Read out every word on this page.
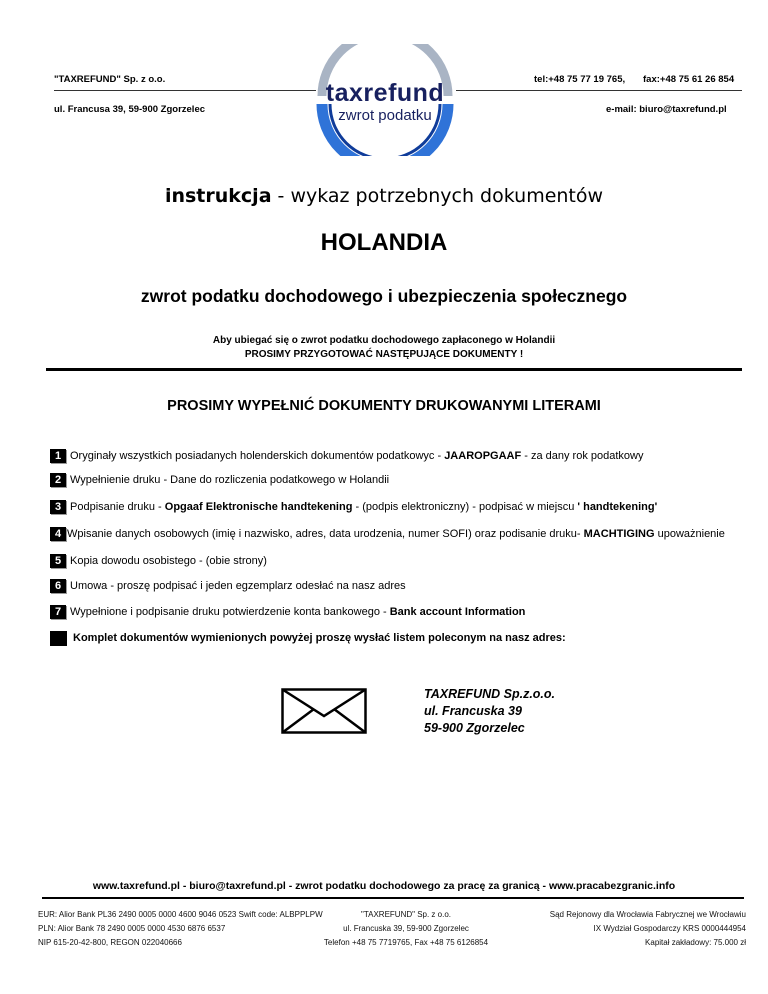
"TAXREFUND" Sp. z o.o.
ul. Francusa 39, 59-900 Zgorzelec
tel:+48 75 77 19 765, fax:+48 75 61 26 854
e-mail: biuro@taxrefund.pl
taxrefund
zwrot podatku
instrukcja - wykaz potrzebnych dokumentów
HOLANDIA
zwrot podatku dochodowego i ubezpieczenia społecznego
Aby ubiegać się o zwrot podatku dochodowego zapłaconego w Holandii
PROSIMY PRZYGOTOWAĆ NASTĘPUJĄCE DOKUMENTY !
PROSIMY WYPEŁNIĆ DOKUMENTY DRUKOWANYMI LITERAMI
1 Oryginały wszystkich posiadanych holenderskich dokumentów podatkowyc - JAAROPGAAF - za dany rok podatkowy
2 Wypełnienie druku - Dane do rozliczenia podatkowego w Holandii
3 Podpisanie druku - Opgaaf Elektronische handtekening - (podpis elektroniczny) - podpisać w miejscu ' handtekening'
4 Wpisanie danych osobowych (imię i nazwisko, adres, data urodzenia, numer SOFI) oraz podisanie druku- MACHTIGING upoważnienie
5 Kopia dowodu osobistego - (obie strony)
6 Umowa - proszę podpisać i jeden egzemplarz odesłać na nasz adres
7 Wypełnione i podpisanie druku potwierdzenie konta bankowego - Bank account Information
Komplet dokumentów wymienionych powyżej proszę wysłać listem poleconym na nasz adres:
TAXREFUND Sp.z.o.o.
ul. Francuska 39
59-900 Zgorzelec
www.taxrefund.pl - biuro@taxrefund.pl - zwrot podatku dochodowego za pracę za granicą - www.pracabezgranic.info
EUR: Alior Bank PL36 2490 0005 0000 4600 9046 0523 Swift code: ALBPPLPW
PLN: Alior Bank 78 2490 0005 0000 4530 6876 6537
NIP 615-20-42-800, REGON 022040666
"TAXREFUND" Sp. z o.o.
ul. Francuska 39, 59-900 Zgorzelec
Telefon +48 75 7719765, Fax +48 75 6126854
Sąd Rejonowy dla Wrocławia Fabrycznej we Wrocławiu
IX Wydział Gospodarczy KRS 0000444954
Kapitał zakładowy: 75.000 zł
